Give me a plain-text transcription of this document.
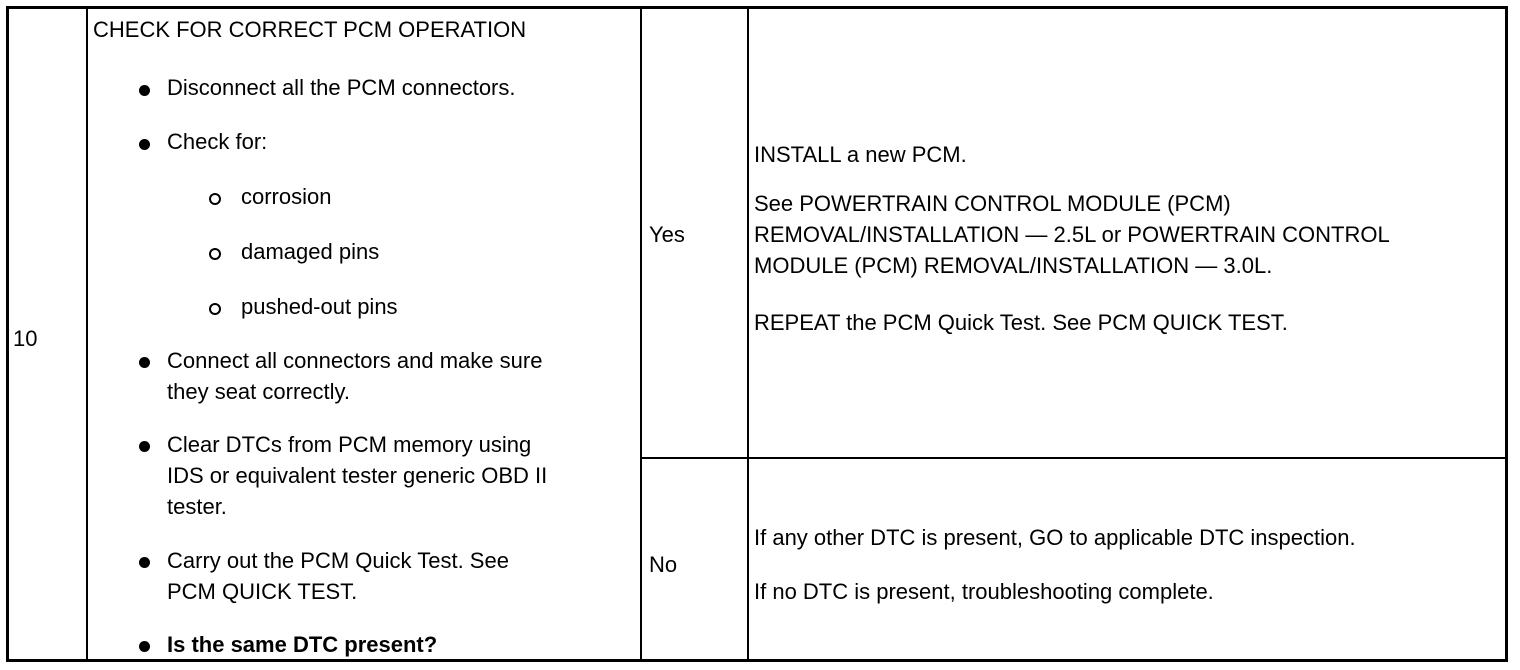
10
CHECK FOR CORRECT PCM OPERATION
Disconnect all the PCM connectors.
Check for:
corrosion
damaged pins
pushed-out pins
Connect all connectors and make sure
they seat correctly.
Clear DTCs from PCM memory using
IDS or equivalent tester generic OBD II
tester.
Carry out the PCM Quick Test. See
PCM QUICK TEST.
Is the same DTC present?
Yes
INSTALL a new PCM.
See POWERTRAIN CONTROL MODULE (PCM)
REMOVAL/INSTALLATION — 2.5L or POWERTRAIN CONTROL
MODULE (PCM) REMOVAL/INSTALLATION — 3.0L.
REPEAT the PCM Quick Test. See PCM QUICK TEST.
No
If any other DTC is present, GO to applicable DTC inspection.
If no DTC is present, troubleshooting complete.
